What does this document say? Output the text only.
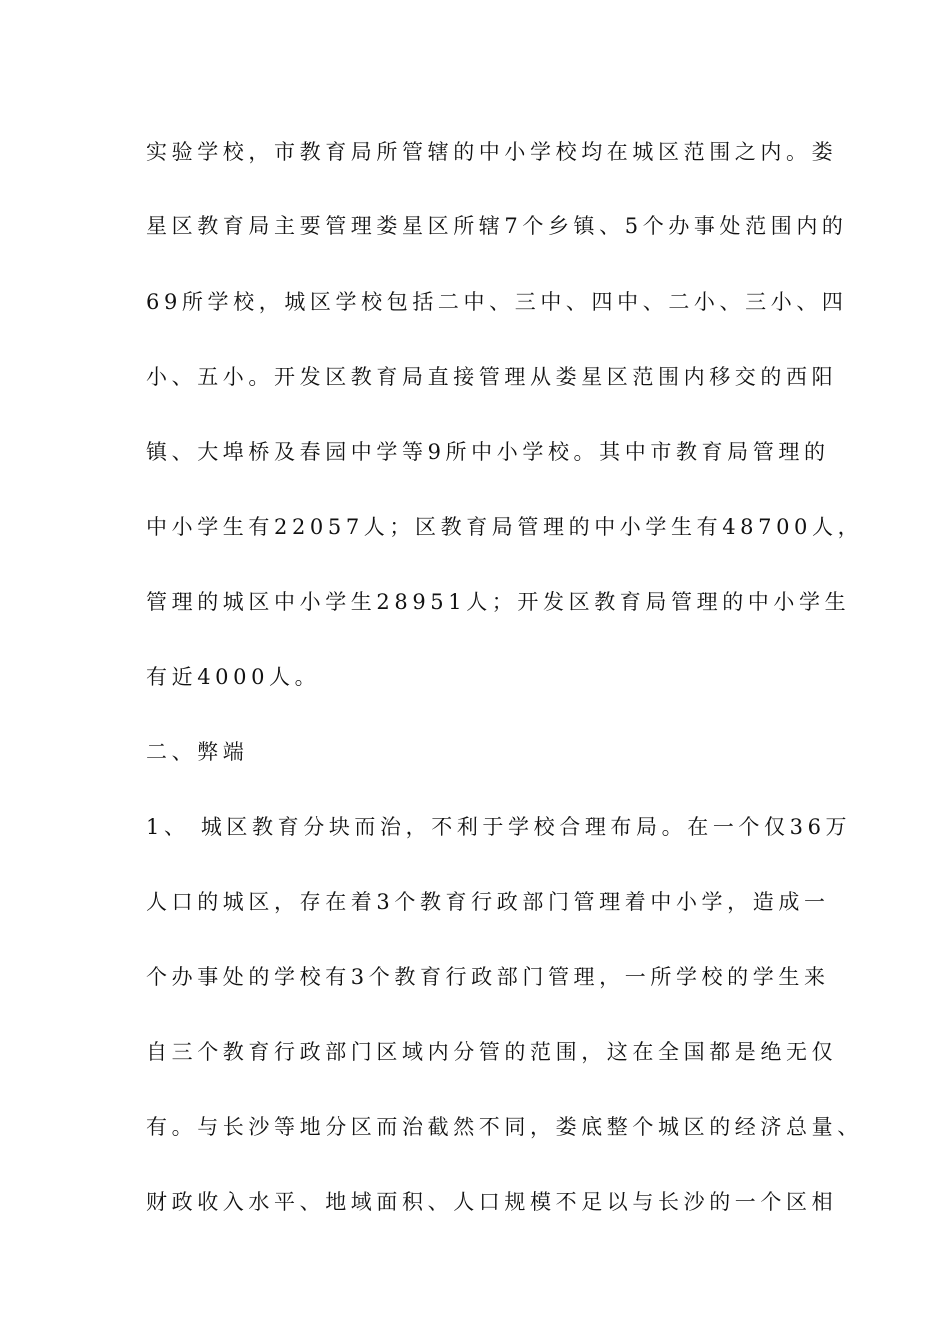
实验学校，市教育局所管辖的中小学校均在城区范围之内。娄
星区教育局主要管理娄星区所辖7个乡镇、5个办事处范围内的
69所学校，城区学校包括二中、三中、四中、二小、三小、四
小、五小。开发区教育局直接管理从娄星区范围内移交的西阳
镇、大埠桥及春园中学等9所中小学校。其中市教育局管理的
中小学生有22057人；区教育局管理的中小学生有48700人，
管理的城区中小学生28951人；开发区教育局管理的中小学生
有近4000人。
二、弊端
1、 城区教育分块而治，不利于学校合理布局。在一个仅36万
人口的城区，存在着3个教育行政部门管理着中小学，造成一
个办事处的学校有3个教育行政部门管理，一所学校的学生来
自三个教育行政部门区域内分管的范围，这在全国都是绝无仅
有。与长沙等地分区而治截然不同，娄底整个城区的经济总量、
财政收入水平、地域面积、人口规模不足以与长沙的一个区相
